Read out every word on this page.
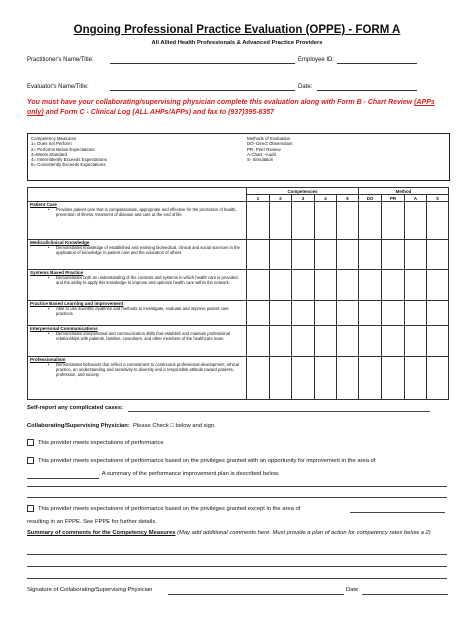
Ongoing Professional Practice Evaluation (OPPE) - FORM A
All Allied Health Professionals & Advanced Practice Providers
Practitioner's Name/Title:	Employee ID:
Evaluator's Name/Title:	Date:
You must have your collaborating/supervising physician complete this evaluation along with Form B - Chart Review (APPs only) and Form C - Clinical Log (ALL AHPs/APPs) and fax to (937)395-8357
Competency Measures
1= Does not Perform
2= Performs Below Expectations
3=Meets Standard
4= Intermittently Exceeds Expectations
5= Consistently Exceeds Expectations
Methods of Evaluation
DO- Direct Observation
PR- Peer Review
A-Chart –Audit
S- Simulation
	Competencies					Method			
	1	2	3	4	5	DO	PR	A	S

Patient Care
• Provides patient care that is compassionate, appropriate and effective for the promotion of health, prevention of illness, treatment of disease and care at the end of life									

Medical/clinical Knowledge
• Demonstrates knowledge of established and evolving biomedical, clinical and social sciences in the application of knowledge to patient care and the education of others									

Systems Based Practice
• Demonstrates both an understanding of the contexts and systems in which health care is provided, and the ability to apply this knowledge to improve and optimize health care within the network.									

Practice Based Learning and improvement
• Able to use scientific evidence and methods to investigate, evaluate and improve patient care practices									

Interpersonal Communications
• Demonstrates interpersonal and communication skills that establish and maintain professional relationships with patients, families, coworkers, and other members of the healthcare team.									

Professionalism
• Demonstrates behaviors that reflect a commitment to continuous professional development, ethical practice, an understanding and sensitivity to diversity and a responsible attitude toward patients, profession, and society.									

Self-report any complicated cases:
Collaborating/Supervising Physician: Please Check □ below and sign.
This provider meets expectations of performance
This provider meets expectations of performance based on the privileges granted with an opportunity for improvement in the area of
. A summary of the performance improvement plan is described below.
This provider meets expectations of performance based on the privileges granted except in the area of
resulting in an FPPE. See FPPE for further details.
Summary of comments for the Competency Measures (May add additional comments here. Must provide a plan of action for competency rates below a 2)
Signature of Collaborating/Supervising Physician	Date
